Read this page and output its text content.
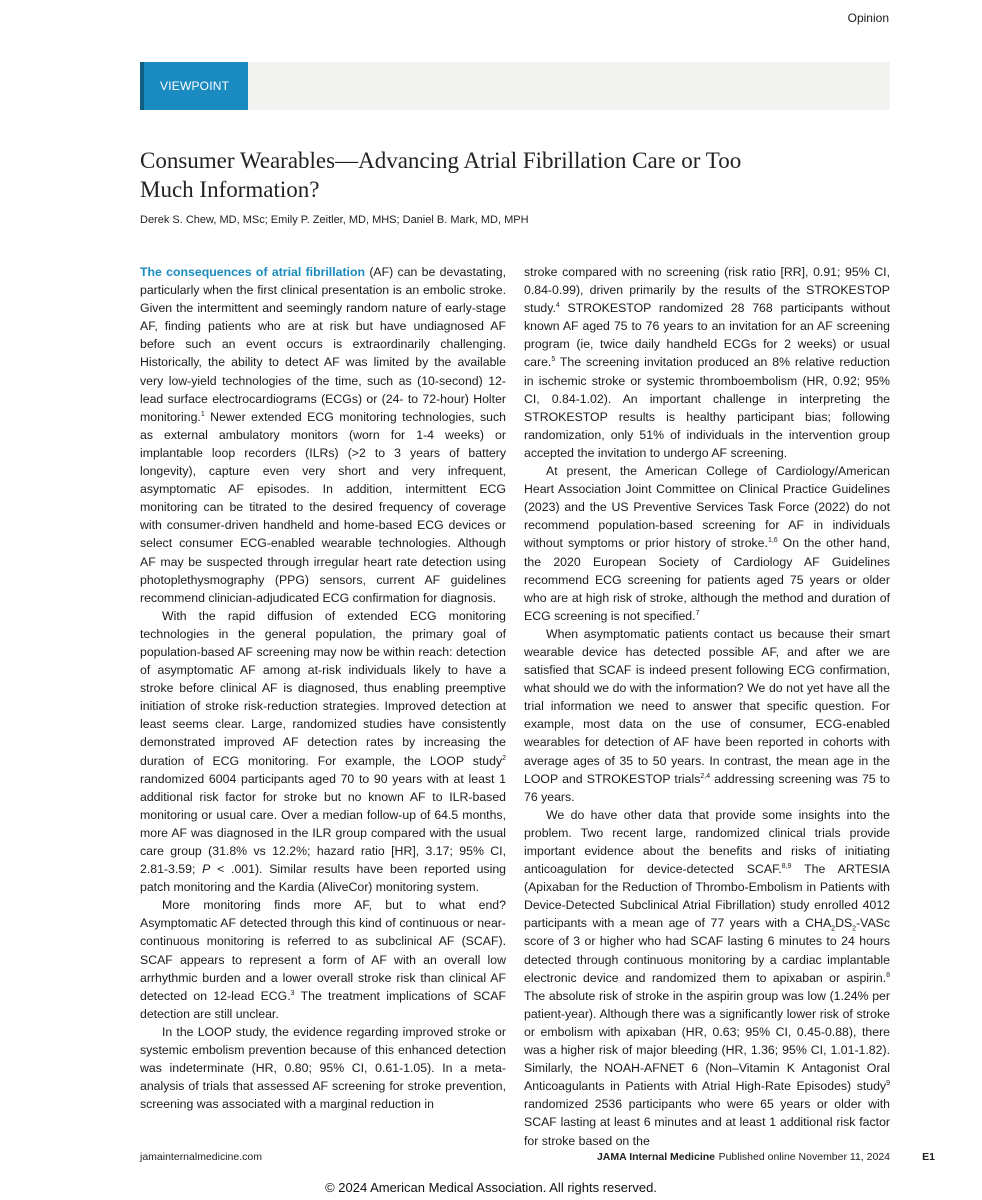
Opinion
VIEWPOINT
Consumer Wearables—Advancing Atrial Fibrillation Care or Too Much Information?
Derek S. Chew, MD, MSc; Emily P. Zeitler, MD, MHS; Daniel B. Mark, MD, MPH

The consequences of atrial fibrillation (AF) can be devastating, particularly when the first clinical presentation is an embolic stroke. Given the intermittent and seemingly random nature of early-stage AF, finding patients who are at risk but have undiagnosed AF before such an event occurs is extraordinarily challenging. Historically, the ability to detect AF was limited by the available very low-yield technologies of the time, such as (10-second) 12-lead surface electrocardiograms (ECGs) or (24- to 72-hour) Holter monitoring.$^1$ Newer extended ECG monitoring technologies, such as external ambulatory monitors (worn for 1-4 weeks) or implantable loop recorders (ILRs) (>2 to 3 years of battery longevity), capture even very short and very infrequent, asymptomatic AF episodes. In addition, intermittent ECG monitoring can be titrated to the desired frequency of coverage with consumer-driven handheld and home-based ECG devices or select consumer ECG-enabled wearable technologies. Although AF may be suspected through irregular heart rate detection using photoplethysmography (PPG) sensors, current AF guidelines recommend clinician-adjudicated ECG confirmation for diagnosis.

With the rapid diffusion of extended ECG monitoring technologies in the general population, the primary goal of population-based AF screening may now be within reach: detection of asymptomatic AF among at-risk individuals likely to have a stroke before clinical AF is diagnosed, thus enabling preemptive initiation of stroke risk-reduction strategies. Improved detection at least seems clear. Large, randomized studies have consistently demonstrated improved AF detection rates by increasing the duration of ECG monitoring. For example, the LOOP study$^2$ randomized 6004 participants aged 70 to 90 years with at least 1 additional risk factor for stroke but no known AF to ILR-based monitoring or usual care. Over a median follow-up of 64.5 months, more AF was diagnosed in the ILR group compared with the usual care group (31.8% vs 12.2%; hazard ratio [HR], 3.17; 95% CI, 2.81-3.59; P < .001). Similar results have been reported using patch monitoring and the Kardia (AliveCor) monitoring system.

More monitoring finds more AF, but to what end? Asymptomatic AF detected through this kind of continuous or near-continuous monitoring is referred to as subclinical AF (SCAF). SCAF appears to represent a form of AF with an overall low arrhythmic burden and a lower overall stroke risk than clinical AF detected on 12-lead ECG.$^3$ The treatment implications of SCAF detection are still unclear.

In the LOOP study, the evidence regarding improved stroke or systemic embolism prevention because of this enhanced detection was indeterminate (HR, 0.80; 95% CI, 0.61-1.05). In a meta-analysis of trials that assessed AF screening for stroke prevention, screening was associated with a marginal reduction in

stroke compared with no screening (risk ratio [RR], 0.91; 95% CI, 0.84-0.99), driven primarily by the results of the STROKESTOP study.$^4$ STROKESTOP randomized 28 768 participants without known AF aged 75 to 76 years to an invitation for an AF screening program (ie, twice daily handheld ECGs for 2 weeks) or usual care.$^5$ The screening invitation produced an 8% relative reduction in ischemic stroke or systemic thromboembolism (HR, 0.92; 95% CI, 0.84-1.02). An important challenge in interpreting the STROKESTOP results is healthy participant bias; following randomization, only 51% of individuals in the intervention group accepted the invitation to undergo AF screening.

At present, the American College of Cardiology/American Heart Association Joint Committee on Clinical Practice Guidelines (2023) and the US Preventive Services Task Force (2022) do not recommend population-based screening for AF in individuals without symptoms or prior history of stroke.$^{1,6}$ On the other hand, the 2020 European Society of Cardiology AF Guidelines recommend ECG screening for patients aged 75 years or older who are at high risk of stroke, although the method and duration of ECG screening is not specified.$^7$

When asymptomatic patients contact us because their smart wearable device has detected possible AF, and after we are satisfied that SCAF is indeed present following ECG confirmation, what should we do with the information? We do not yet have all the trial information we need to answer that specific question. For example, most data on the use of consumer, ECG-enabled wearables for detection of AF have been reported in cohorts with average ages of 35 to 50 years. In contrast, the mean age in the LOOP and STROKESTOP trials$^{2,4}$ addressing screening was 75 to 76 years.

We do have other data that provide some insights into the problem. Two recent large, randomized clinical trials provide important evidence about the benefits and risks of initiating anticoagulation for device-detected SCAF.$^{8,9}$ The ARTESIA (Apixaban for the Reduction of Thrombo-Embolism in Patients with Device-Detected Subclinical Atrial Fibrillation) study enrolled 4012 participants with a mean age of 77 years with a $CHA_2DS_2$-VASc score of 3 or higher who had SCAF lasting 6 minutes to 24 hours detected through continuous monitoring by a cardiac implantable electronic device and randomized them to apixaban or aspirin.$^8$ The absolute risk of stroke in the aspirin group was low (1.24% per patient-year). Although there was a significantly lower risk of stroke or embolism with apixaban (HR, 0.63; 95% CI, 0.45-0.88), there was a higher risk of major bleeding (HR, 1.36; 95% CI, 1.01-1.82). Similarly, the NOAH-AFNET 6 (Non–Vitamin K Antagonist Oral Anticoagulants in Patients with Atrial High-Rate Episodes) study$^9$ randomized 2536 participants who were 65 years or older with SCAF lasting at least 6 minutes and at least 1 additional risk factor for stroke based on the

jamainternalmedicine.com	JAMA Internal Medicine Published online November 11, 2024	E1
© 2024 American Medical Association. All rights reserved.
